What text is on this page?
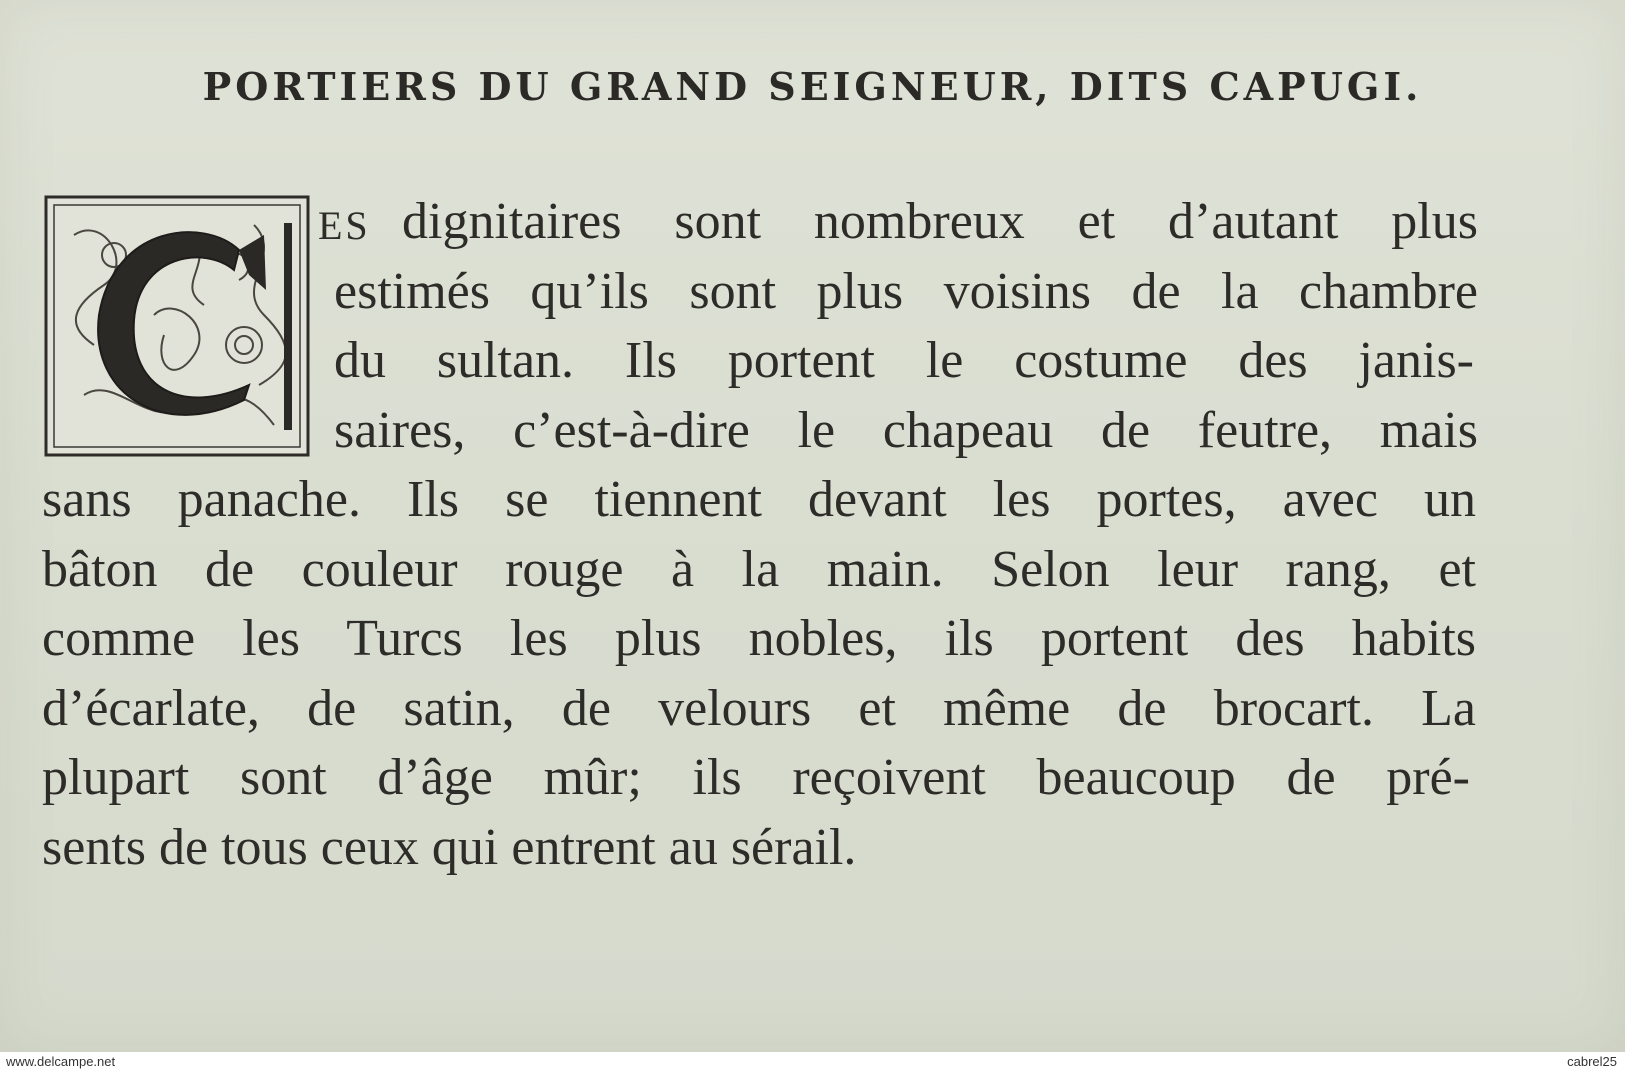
PORTIERS DU GRAND SEIGNEUR, DITS CAPUGI.
ES dignitaires sont nombreux et d’autant plus
estimés qu’ils sont plus voisins de la chambre
du sultan. Ils portent le costume des janis-
saires, c’est-à-dire le chapeau de feutre, mais
sans panache. Ils se tiennent devant les portes, avec un
bâton de couleur rouge à la main. Selon leur rang, et
comme les Turcs les plus nobles, ils portent des habits
d’écarlate, de satin, de velours et même de brocart. La
plupart sont d’âge mûr; ils reçoivent beaucoup de pré-
sents de tous ceux qui entrent au sérail.
www.delcampe.net	cabrel25
